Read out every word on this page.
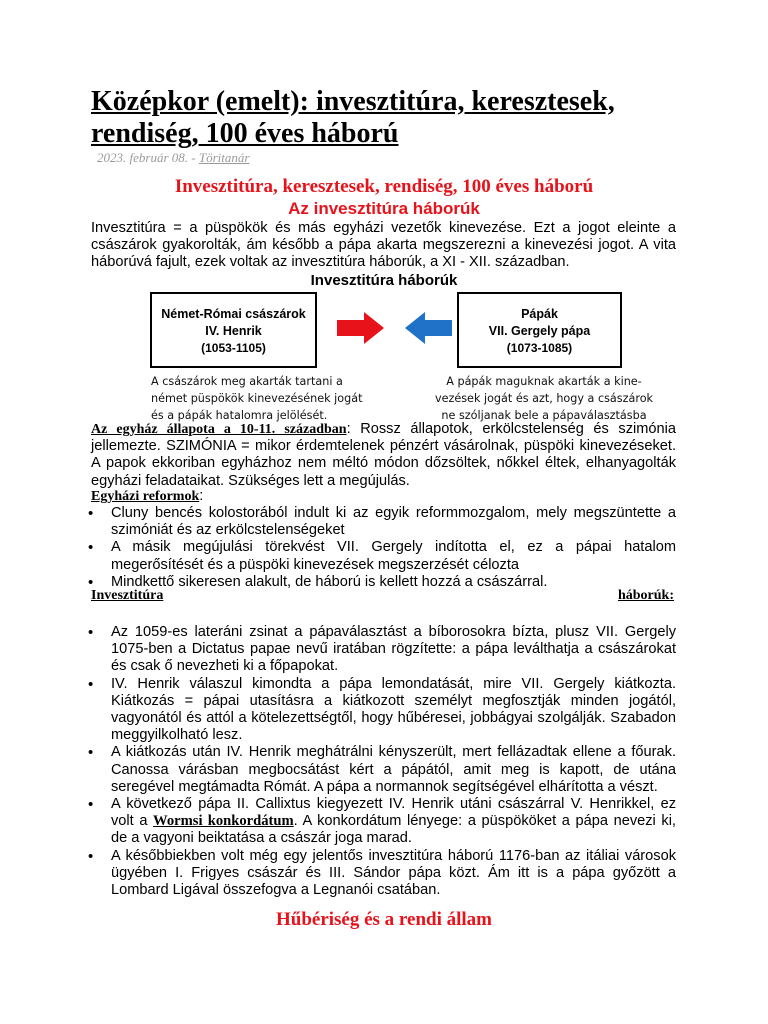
Középkor (emelt): invesztitúra, keresztesek, rendiség, 100 éves háború
2023. február 08. - Töritanár
Invesztitúra, keresztesek, rendiség, 100 éves háború
Az invesztitúra háborúk

Invesztitúra = a püspökök és más egyházi vezetők kinevezése. Ezt a jogot eleinte a császárok gyakorolták, ám később a pápa akarta megszerezni a kinevezési jogot. A vita háborúvá fajult, ezek voltak az invesztitúra háborúk, a XI - XII. században.

Invesztitúra háborúk
Német-Római császárok
IV. Henrik
(1053-1105)
Pápák
VII. Gergely pápa
(1073-1085)
A császárok meg akarták tartani a
német püspökök kinevezésének jogát
és a pápák hatalomra jelölését.
A pápák maguknak akarták a kine-
vezések jogát és azt, hogy a császárok
ne szóljanak bele a pápaválasztásba

Az egyház állapota a 10-11. században: Rossz állapotok, erkölcstelenség és szimónia jellemezte. SZIMÓNIA = mikor érdemtelenek pénzért vásárolnak, püspöki kinevezéseket. A papok ekkoriban egyházhoz nem méltó módon dőzsöltek, nőkkel éltek, elhanyagolták egyházi feladataikat. Szükséges lett a megújulás.

Egyházi reformok:
• Cluny bencés kolostorából indult ki az egyik reformmozgalom, mely megszüntette a szimóniát és az erkölcstelenségeket
• A másik megújulási törekvést VII. Gergely indította el, ez a pápai hatalom megerősítését és a püspöki kinevezések megszerzését célozta
• Mindkettő sikeresen alakult, de háború is kellett hozzá a császárral.
Invesztitúra	háborúk:
• Az 1059-es lateráni zsinat a pápaválasztást a bíborosokra bízta, plusz VII. Gergely 1075-ben a Dictatus papae nevű iratában rögzítette: a pápa leválthatja a császárokat és csak ő nevezheti ki a főpapokat.
• IV. Henrik válaszul kimondta a pápa lemondatását, mire VII. Gergely kiátkozta. Kiátkozás = pápai utasításra a kiátkozott személyt megfosztják minden jogától, vagyonától és attól a kötelezettségtől, hogy hűbéresei, jobbágyai szolgálják. Szabadon meggyilkolható lesz.
• A kiátkozás után IV. Henrik meghátrálni kényszerült, mert fellázadtak ellene a főurak. Canossa várásban megbocsátást kért a pápától, amit meg is kapott, de utána seregével megtámadta Rómát. A pápa a normannok segítségével elhárította a vészt.
• A következő pápa II. Callixtus kiegyezett IV. Henrik utáni császárral V. Henrikkel, ez volt a Wormsi konkordátum. A konkordátum lényege: a püspököket a pápa nevezi ki, de a vagyoni beiktatása a császár joga marad.
• A későbbiekben volt még egy jelentős invesztitúra háború 1176-ban az itáliai városok ügyében I. Frigyes császár és III. Sándor pápa közt. Ám itt is a pápa győzött a Lombard Ligával összefogva a Legnanói csatában.
Hűbériség és a rendi állam
